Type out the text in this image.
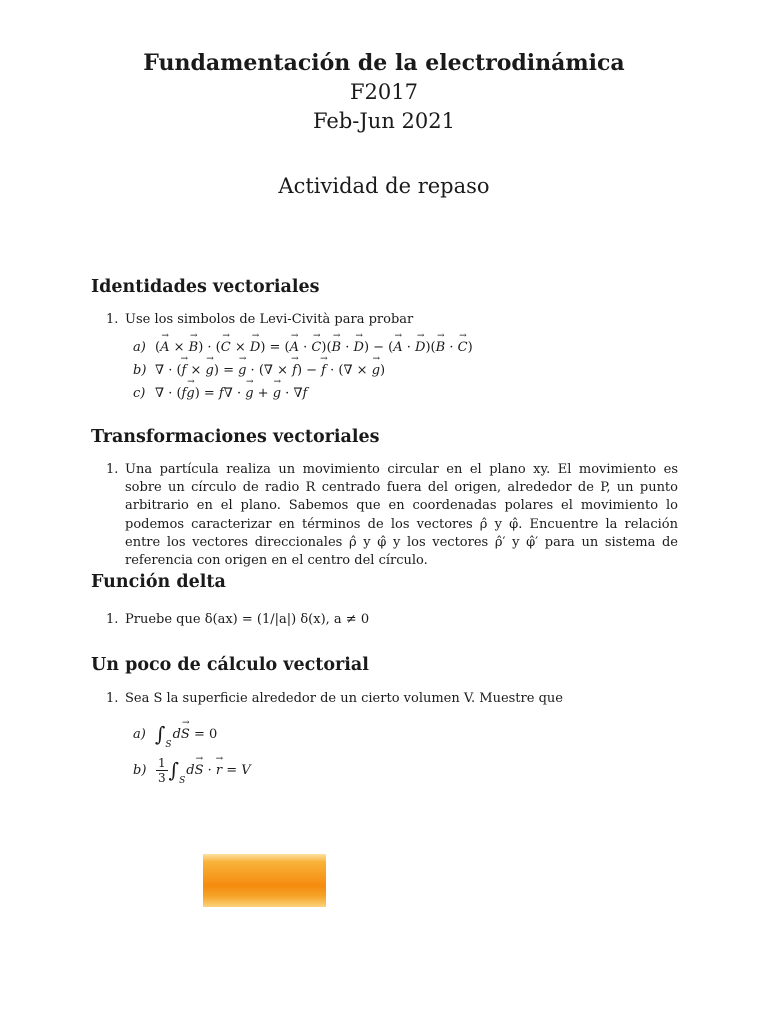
Fundamentación de la electrodinámica
F2017
Feb-Jun 2021
Actividad de repaso
Identidades vectoriales
1. Use los simbolos de Levi-Cività para probar
a) (→ A × → B) · (→ C × → D) = (→ A · → C)(→ B · → D) − (→ A · → D)(→ B · → C)
b) ∇ · (→ f × → g) = → g · (∇ × → f) − → f · (∇ × → g)
c) ∇ · (f→ g) = f∇ · → g + → g · ∇f
Transformaciones vectoriales
1. Una partícula realiza un movimiento circular en el plano xy. El movimiento es sobre un círculo de radio R centrado fuera del origen, alrededor de P, un punto arbitrario en el plano. Sabemos que en coordenadas polares el movimiento lo podemos caracterizar en términos de los vectores ρ̂ y φ̂. Encuentre la relación entre los vectores direccionales ρ̂ y φ̂ y los vectores ρ̂′ y φ̂′ para un sistema de referencia con origen en el centro del círculo.
Función delta
1. Pruebe que δ(ax) = (1/|a|) δ(x), a ≠ 0
Un poco de cálculo vectorial
1. Sea S la superficie alrededor de un cierto volumen V. Muestre que
a) $\int_Sd\to S = 0$
$b) \frac{1}{3} \int_Sd\to S$ · → r = V
